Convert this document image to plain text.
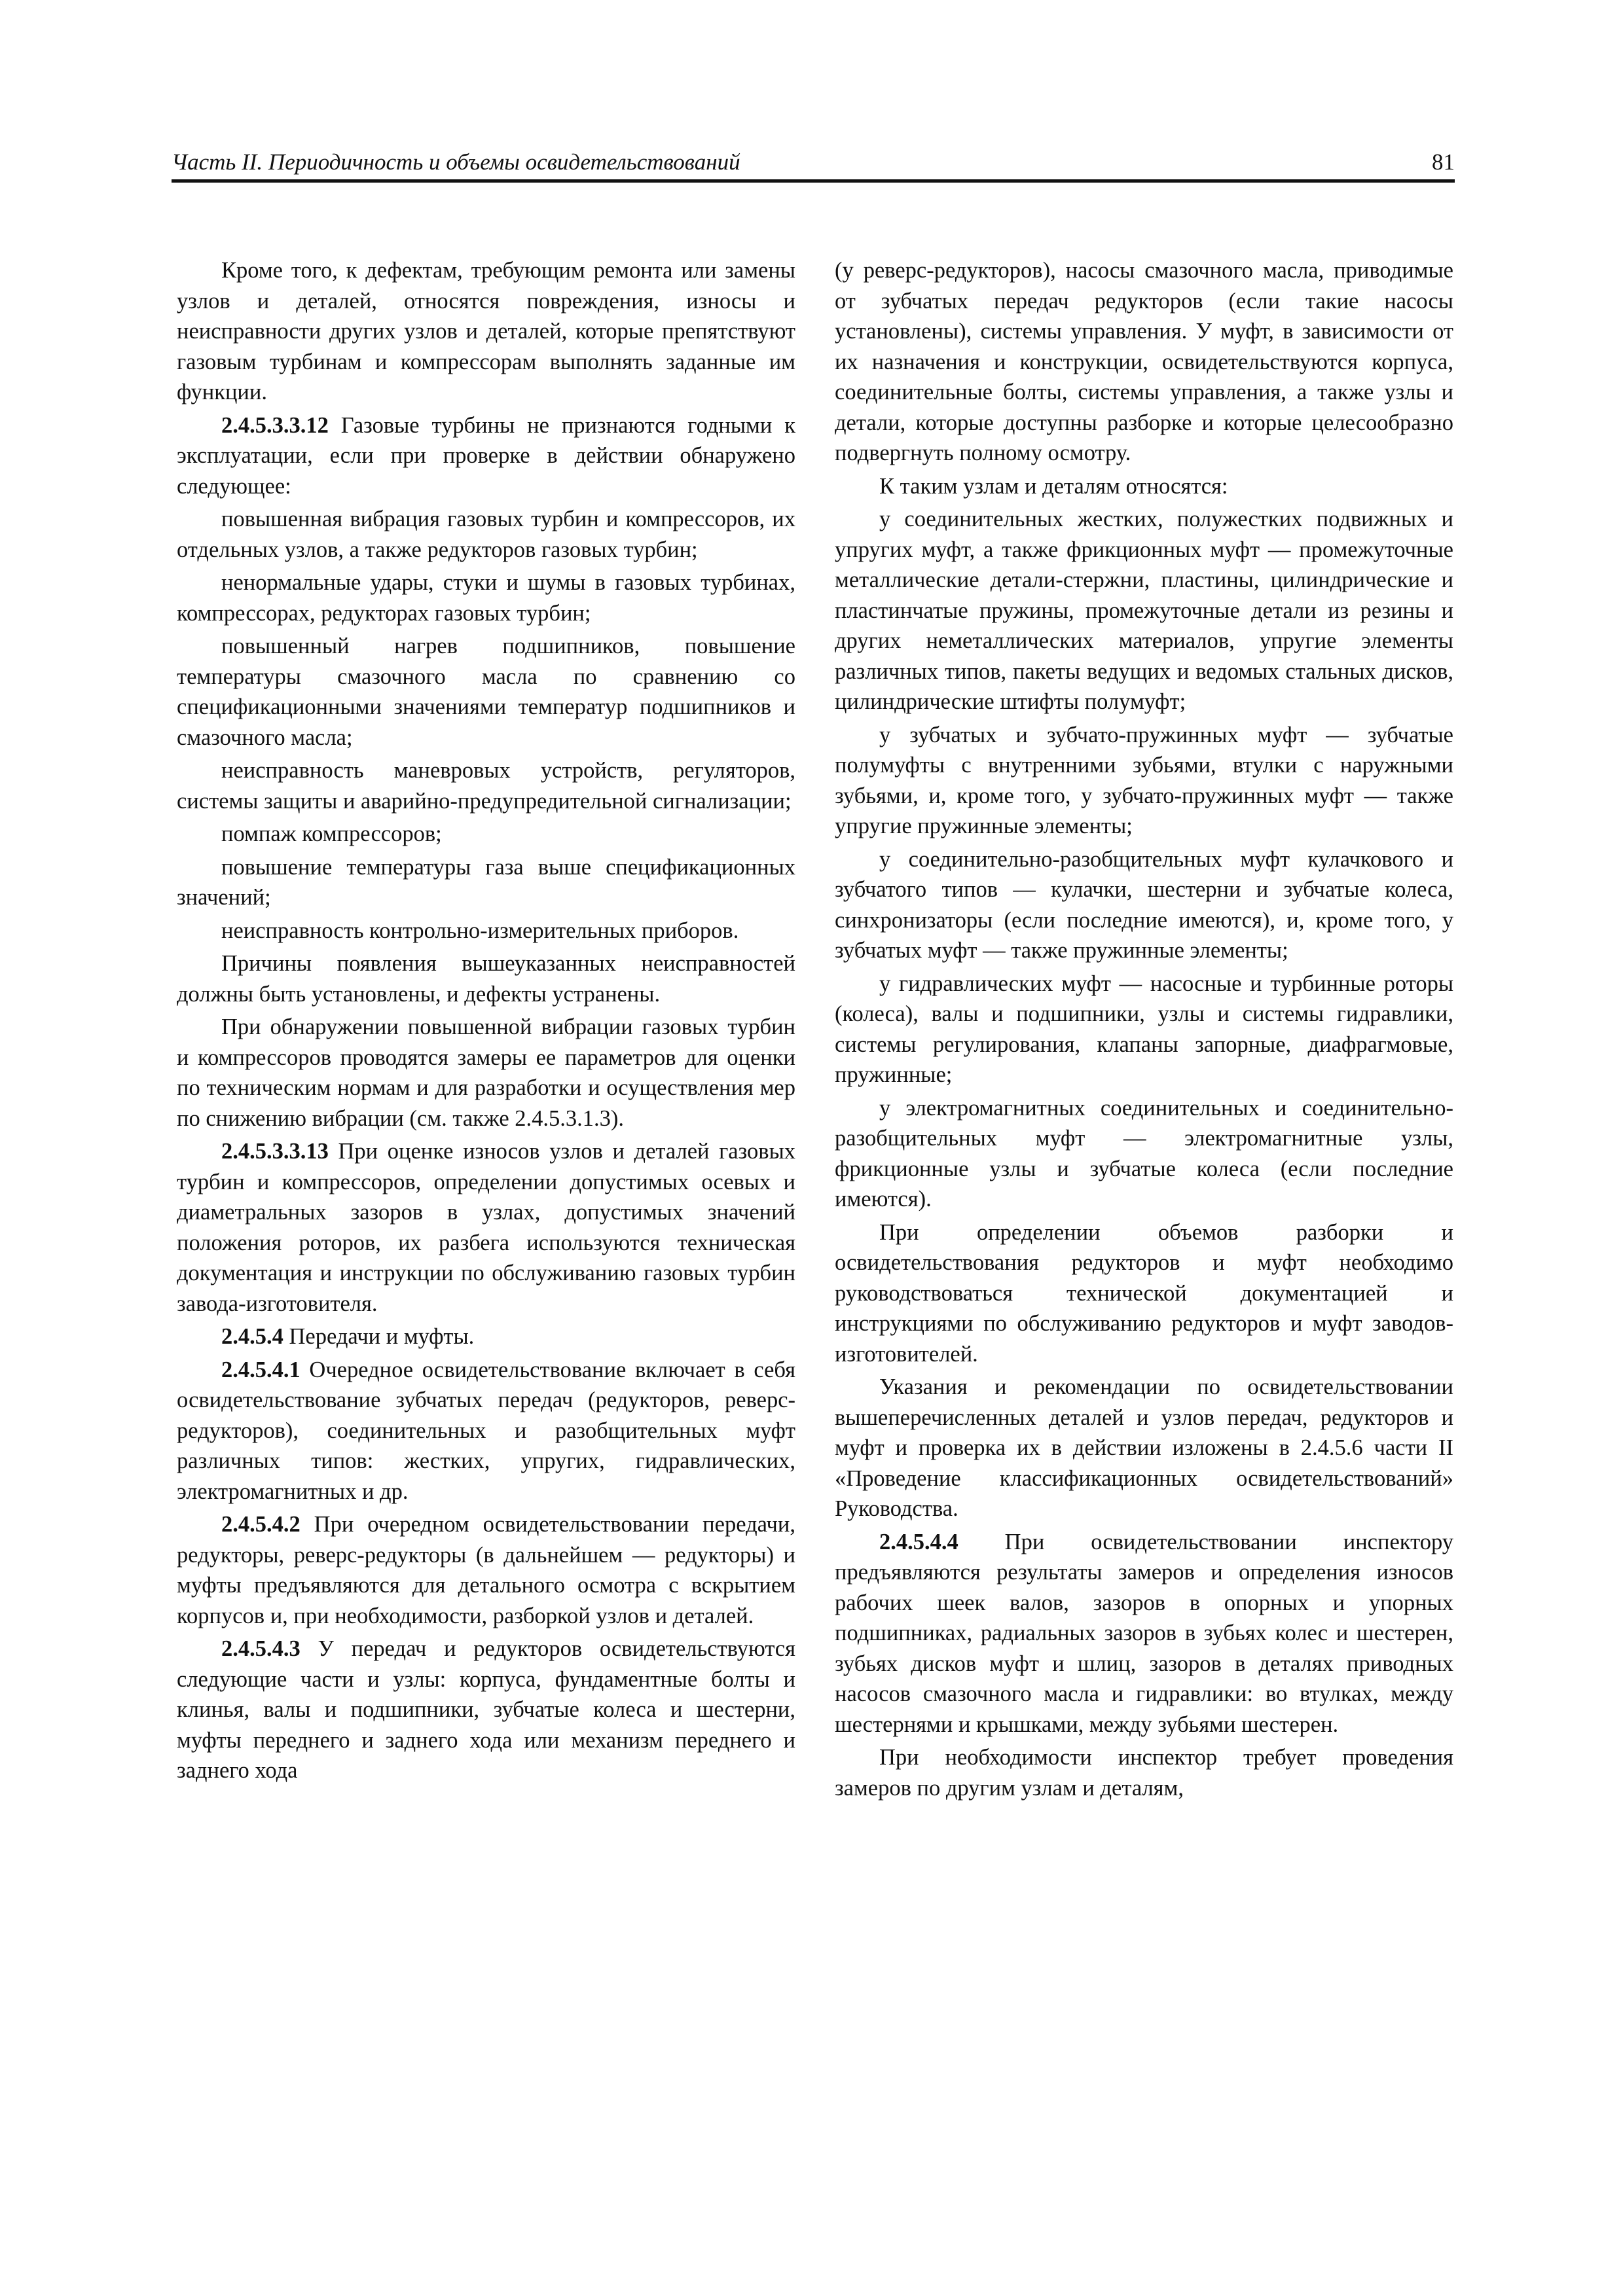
Часть II. Периодичность и объемы освидетельствований	81

Кроме того, к дефектам, требующим ремонта или замены узлов и деталей, относятся повреждения, износы и неисправности других узлов и деталей, которые препятствуют газовым турбинам и компрессорам выполнять заданные им функции.

2.4.5.3.3.12 Газовые турбины не признаются годными к эксплуатации, если при проверке в действии обнаружено следующее:

повышенная вибрация газовых турбин и компрессоров, их отдельных узлов, а также редукторов газовых турбин;

ненормальные удары, стуки и шумы в газовых турбинах, компрессорах, редукторах газовых турбин;

повышенный нагрев подшипников, повышение температуры смазочного масла по сравнению со спецификационными значениями температур подшипников и смазочного масла;

неисправность маневровых устройств, регуляторов, системы защиты и аварийно-предупредительной сигнализации;

помпаж компрессоров;

повышение температуры газа выше спецификационных значений;

неисправность контрольно-измерительных приборов.

Причины появления вышеуказанных неисправностей должны быть установлены, и дефекты устранены.

При обнаружении повышенной вибрации газовых турбин и компрессоров проводятся замеры ее параметров для оценки по техническим нормам и для разработки и осуществления мер по снижению вибрации (см. также 2.4.5.3.1.3).

2.4.5.3.3.13 При оценке износов узлов и деталей газовых турбин и компрессоров, определении допустимых осевых и диаметральных зазоров в узлах, допустимых значений положения роторов, их разбега используются техническая документация и инструкции по обслуживанию газовых турбин завода-изготовителя.

2.4.5.4 Передачи и муфты.

2.4.5.4.1 Очередное освидетельствование включает в себя освидетельствование зубчатых передач (редукторов, реверс-редукторов), соединительных и разобщительных муфт различных типов: жестких, упругих, гидравлических, электромагнитных и др.

2.4.5.4.2 При очередном освидетельствовании передачи, редукторы, реверс-редукторы (в дальнейшем — редукторы) и муфты предъявляются для детального осмотра с вскрытием корпусов и, при необходимости, разборкой узлов и деталей.

2.4.5.4.3 У передач и редукторов освидетельствуются следующие части и узлы: корпуса, фундаментные болты и клинья, валы и подшипники, зубчатые колеса и шестерни, муфты переднего и заднего хода или механизм переднего и заднего хода

(у реверс-редукторов), насосы смазочного масла, приводимые от зубчатых передач редукторов (если такие насосы установлены), системы управления. У муфт, в зависимости от их назначения и конструкции, освидетельствуются корпуса, соединительные болты, системы управления, а также узлы и детали, которые доступны разборке и которые целесообразно подвергнуть полному осмотру.

К таким узлам и деталям относятся:

у соединительных жестких, полужестких подвижных и упругих муфт, а также фрикционных муфт — промежуточные металлические детали-стержни, пластины, цилиндрические и пластинчатые пружины, промежуточные детали из резины и других неметаллических материалов, упругие элементы различных типов, пакеты ведущих и ведомых стальных дисков, цилиндрические штифты полумуфт;

у зубчатых и зубчато-пружинных муфт — зубчатые полумуфты с внутренними зубьями, втулки с наружными зубьями, и, кроме того, у зубчато-пружинных муфт — также упругие пружинные элементы;

у соединительно-разобщительных муфт кулачкового и зубчатого типов — кулачки, шестерни и зубчатые колеса, синхронизаторы (если последние имеются), и, кроме того, у зубчатых муфт — также пружинные элементы;

у гидравлических муфт — насосные и турбинные роторы (колеса), валы и подшипники, узлы и системы гидравлики, системы регулирования, клапаны запорные, диафрагмовые, пружинные;

у электромагнитных соединительных и соединительно-разобщительных муфт — электромагнитные узлы, фрикционные узлы и зубчатые колеса (если последние имеются).

При определении объемов разборки и освидетельствования редукторов и муфт необходимо руководствоваться технической документацией и инструкциями по обслуживанию редукторов и муфт заводов-изготовителей.

Указания и рекомендации по освидетельствовании вышеперечисленных деталей и узлов передач, редукторов и муфт и проверка их в действии изложены в 2.4.5.6 части II «Проведение классификационных освидетельствований» Руководства.

2.4.5.4.4 При освидетельствовании инспектору предъявляются результаты замеров и определения износов рабочих шеек валов, зазоров в опорных и упорных подшипниках, радиальных зазоров в зубьях колес и шестерен, зубьях дисков муфт и шлиц, зазоров в деталях приводных насосов смазочного масла и гидравлики: во втулках, между шестернями и крышками, между зубьями шестерен.

При необходимости инспектор требует проведения замеров по другим узлам и деталям,
